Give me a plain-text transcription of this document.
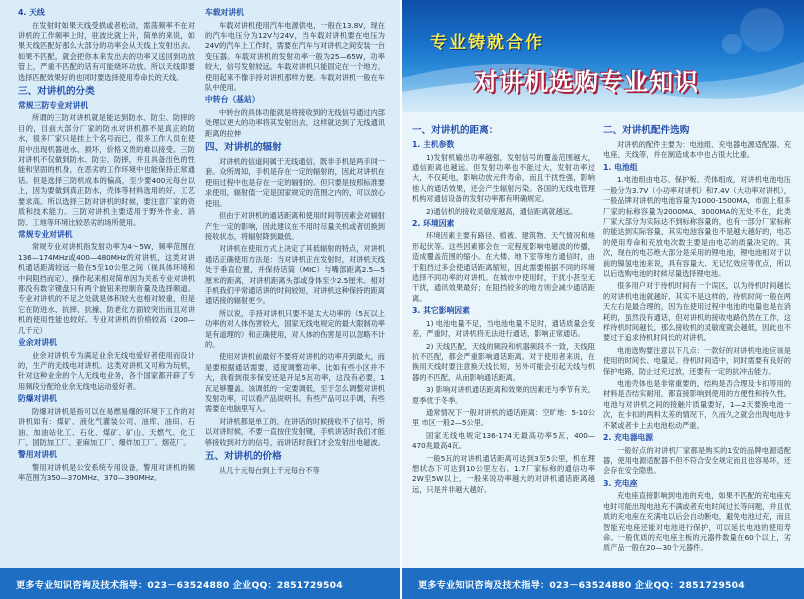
4. 天线
在发射时如果天线受损或者松动，需荡频率不在对讲机的工作频率上时，驻波比就上升，简单的来说，如果天线匹配好那么大部分的功率会从天线上发射出去。如果不匹配，就会把你本来发出去的功率又送回到功放管上，严重不匹配的话有可能烧坏功放。所以天线即要选择匹配效果好的也同时要选择使用寿命长的天线。
三、对讲机的分类
常规三防专业对讲机
所谓的三防对讲机就是能达到防水、防尘、防摔的目的，目前大部分厂家的防水对讲机都不是真正的防水，很多厂家只是挂上个名号而已，很多工作人员在使用中出现机器进水、损坏，价格又贵的难以接受。三防对讲机不仅做到防水、防尘、防摔，并且具备出色的性能和坚固的机身，在恶劣的工作环境中也能保持正常通话。但是选择三防机成本的偏高，至少要400元每台以上，因为要做到真正防水，壳体等材料选用的好，工艺要求高。所以选择三防对讲机的时候，要注意厂家的资质和技术能力。三防对讲机主要适用于野外作业、消防、工地等环境比较恶劣的场所使用。
常规专业对讲机
常规专业对讲机指发射功率为4～5W，频率范围在136—174MHz或400—480MHz的对讲机，这类对讲机通话距离较远一般在5至10公里之间（视具体环境和中间阻挡而定）。操作起来相对简单因为关系专业对讲机都没有数字键盘只有两个旋钮来控制音量及选择频道。专业对讲机的不足之处就是体积较大也相对较重，但是它在防进水、抗摔、抗撞、防老化方面较突出而且对讲机的使用性能也较好。专业对讲机的价格较高（200—几千元）
业余对讲机
业余对讲机专为满足业余无线电爱好者使用而设计的，生产的无线电对讲机。这类对讲机又可称为玩机，针对这种业余的个人无线电业务，各个国家都开辟了专用频段分配给业余无线电运动爱好者。
防爆对讲机
防爆对讲机是指可以在易燃易爆的环境下工作的对讲机如有：煤矿、液化气灌装公司、油库、油田、石油、加油站化工、石化、煤矿、矿山、天燃气、化工厂、国防加工厂、亚麻加工厂、爆炸加工厂、烟花厂。
警用对讲机
警用对讲机是公安系统专用设备，警用对讲机的频率范围为350—370MHz、370—390MHz。
车载对讲机
车载对讲机使用汽车电源供电，一般在13.8V，现在的汽车电压分为12V与24V，当车载对讲机要在电压为24V的汽车上工作时，需要在汽车与对讲机之间安装一台变压器。车载对讲机的发射功率一般为25—65W，功率较大，信号发射较远。车载对讲机只能固定在一个地方，使用起来不像手持对讲机那样方便。车载对讲机一般在车队中使用。
中转台（基站）
中转台的具体功能就是将接收到的无线信号通过内部处理以更大的功率将其发射出去，这样就达到了无线通讯距离的拉伸
四、对讲机的辐射
对讲机的信道间属于无线通信，既非手机是两手同一套。众所周知，手机是存在一定的辐射的，因此对讲机在使用过程中也是存在一定的辐射的。但只要是按照标准要求使用，辐射值一定是国家规定的范围之内的，可以放心使用。
但由于对讲机的通话距离和使用时间等因素会对辐射产生一定的影响，因此建议在不用时尽量关机或者切换到接收状态，将辐射降到最低。
对讲机在使用方式上决定了其低辐射的特点，对讲机通话正确使用方法是：当对讲机正在发射时，对讲机天线处于垂直位置，并保持话筒（MIC）与嘴部距离2.5—5厘米的距离，对讲机距离头部或身体至少2.5厘米。相对手机我们平常通话讲的时间较短，对讲机这种保持的距离通话接的辐射更少。
所以说，手持对讲机只要不是太大功率的（5瓦以上功率的对人体伤害较大，国家无线电规定的最大限制功率是有道理的）和正确使用，对人体的伤害是可以忽略不计的。
使用对讲机前最好不要将对讲机的功率开到最大，而是要根据通话需要，适度调整功率。比如有些小区并不大，我看到很多保安还是开足5瓦功率，这没有必要，1瓦足够覆盖。该调低的一定要调低，至于怎么调整对讲机发射功率，可以看产品说明书。有些产品可以手调，有些需要在电脑里写入。
对讲机都是单工的，在讲话的时候接收不了信号，所以对讲时候，不要一直按住发射键，手机讲话时我们才能够接收到对方的信号，而讲话时我们才会发射出电磁波。
五、对讲机的价格
从几十元每台到上千元每台不等
更多专业知识咨询及技术指导：023－63524880 企业QQ：2851729504
专业铸就合作
对讲机选购专业知识
一、对讲机的距离：
1. 主机参数
1)发射机输出功率越强，发射信号的覆盖范围越大，通信距离也越远。但发射功率也不能过大，发射功率过大，不仅耗电，影响功放元件寿命，而且干扰性强，影响他人的通话效果，还会产生辐射污染。各国的无线电管理机构对通信设备的发射功率都有明确规定。
2)通信机的接收灵敏度越高，通信距离就越远。
2. 环境因素
环境因素主要有路径、植被、建筑物、天气情况和地形起伏等。这些因素都会在一定程度影响电磁波的传播，造成覆盖范围的缩小。在大楼、地下室等地方通信时，由于阻挡过多会使通话距离缩短，因此需要根据不同的环境选择不同功率的对讲机。在城市中使用时，干扰小甚至无干扰，通讯效果最好；在阻挡较多的地方则会减少通话距离。
3. 其它影响因素
1) 电池电量不足，当电池电量不足时，通话质量会变差，严重时，对讲机将无法进行通话，影响正常通话。
2) 天线匹配，天线的频段和机器频段不一致，天线阻抗不匹配，都会严重影响通话距离。对于使用者来说，在换用天线时要注意换天线长短，另外可能会引起天线与机器的不匹配，从而影响通话距离。
3) 影响对讲机通话距离和效果的因素还与季节有关，夏季优于冬季。
通常情况下一般对讲机的通话距离：空旷地：5-10公里 市区一般2—5公里。
国家无线电规定136-174无最高功率5瓦，400—470兆最高4瓦。
一般5瓦的对讲机通话距离可达到3至5公里，机在理想状态下可达到10公里左右。1.7厂家标称的通信功率2W至5W以上，一般来说功率越大的对讲机通话距离越远，只是并非越大越好。
二、对讲机配件选购
对讲机的配件主要为：电池组、充电器电源适配器、充电座、天线等，并在制造成本中也占很大比重。
1. 电池组
1.电池组由电芯、保护板、壳体组成，对讲机电池电压一般分为3.7V（小功率对讲机）和7.4V（大功率对讲机），一般品牌对讲机的电池容量为1000-1500MA，市面上很多厂家的标称容量为2000MA、3000MA的无处不在，此类厂家大部分为实际达不到标称容量的，也有一部分厂家标称的能达到实际容量，其实电池容量也不是越大越好的，电芯的使用寿命和充放电次数主要是由电芯的质量决定的。其次，现在的电芯绝大部分是采用的锂电池，锂电池相对于以前的镍氢电池来说，具有容量大、无记忆效应等优点，所以以后选购电池的时候尽量选择锂电池。
很多用户对于待机时间有一个误区，以为待机时间越长的对讲机电池就越好，其实不是这样的，待机时间一般在两天左右是最合理的，因为在使用过程中电池的电量也是在消耗的，虽然没有通话，但对讲机的接收电路仍然在工作，这样待机时间越长，那么接收机的灵敏度就会越低，因此也不要过于追求待机时间长的对讲机。
电池选购要注意以下几点：一款好的对讲机电池应该是使用的时间长、电量足、待机时间适中，同时需要有良好的保护电路，防止过充过放，还要有一定的抗冲击能力。
电池壳体也是非常重要的，结构是否合理及卡扣等用的材料是否结实耐用，都直接影响到使用的方便性和持久性。电池与对讲机之间的接触片质量要好，1—2天要换电池一次，在卡扣的两料太差的情况下，久而久之就会出现电池卡不紧或者卡上去电池松动严重。
2. 充电器电源
一般好点的对讲机厂家都是购买的1安的品牌电源适配器，使用电源适配器不但不符合安全规定而且也容易坏，还会存在安全隐患。
3. 充电座
充电座直接影响到电池的充电，如果不匹配的充电座充电时可能出现电池充不满或者充电时间过长等问题，并且优质的充电座在充满电以后会自动断电，避免电池过充，而且智能充电座还能对电池进行保护，可以延长电池的使用寿命。一般优质的充电座主板的元器件数量在60个以上，劣质产品一般在20—30个元器件。
更多专业知识咨询及技术指导：023－63524880 企业QQ：2851729504
